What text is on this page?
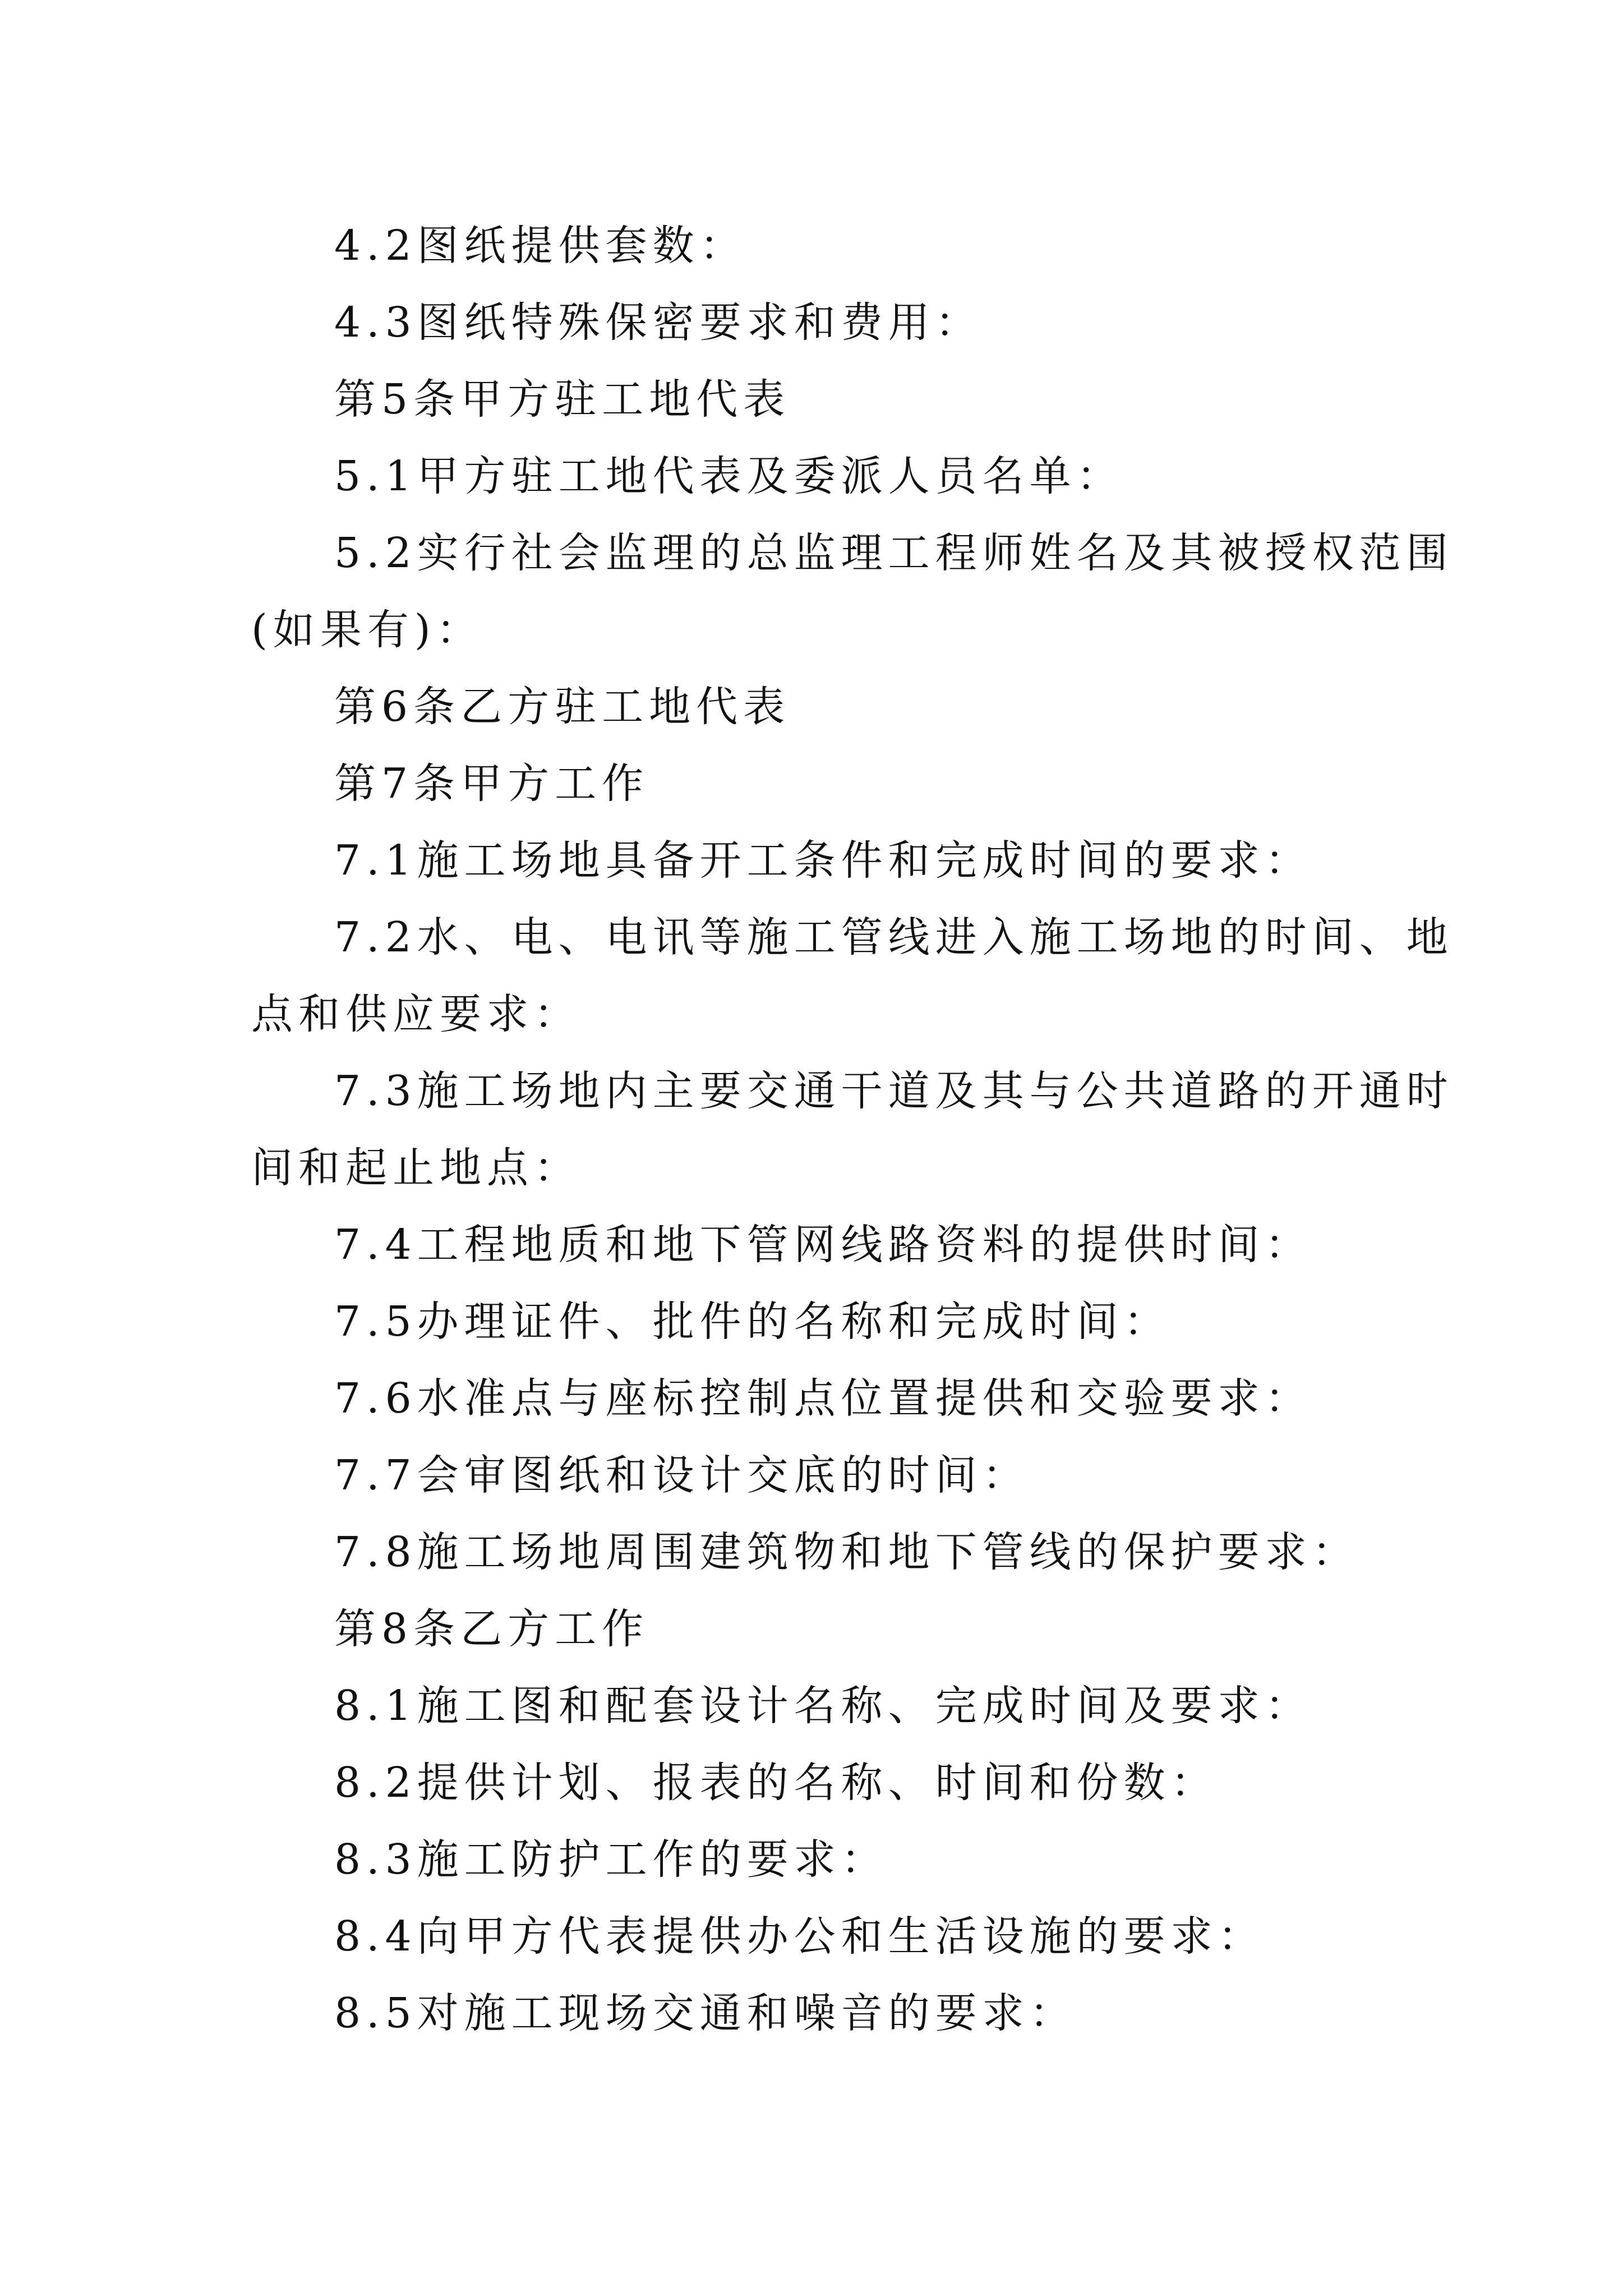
4.2图纸提供套数：
4.3图纸特殊保密要求和费用：
第5条甲方驻工地代表
5.1甲方驻工地代表及委派人员名单：
5.2实行社会监理的总监理工程师姓名及其被授权范围
(如果有)：
第6条乙方驻工地代表
第7条甲方工作
7.1施工场地具备开工条件和完成时间的要求：
7.2水、电、电讯等施工管线进入施工场地的时间、地
点和供应要求：
7.3施工场地内主要交通干道及其与公共道路的开通时
间和起止地点：
7.4工程地质和地下管网线路资料的提供时间：
7.5办理证件、批件的名称和完成时间：
7.6水准点与座标控制点位置提供和交验要求：
7.7会审图纸和设计交底的时间：
7.8施工场地周围建筑物和地下管线的保护要求：
第8条乙方工作
8.1施工图和配套设计名称、完成时间及要求：
8.2提供计划、报表的名称、时间和份数：
8.3施工防护工作的要求：
8.4向甲方代表提供办公和生活设施的要求：
8.5对施工现场交通和噪音的要求：
